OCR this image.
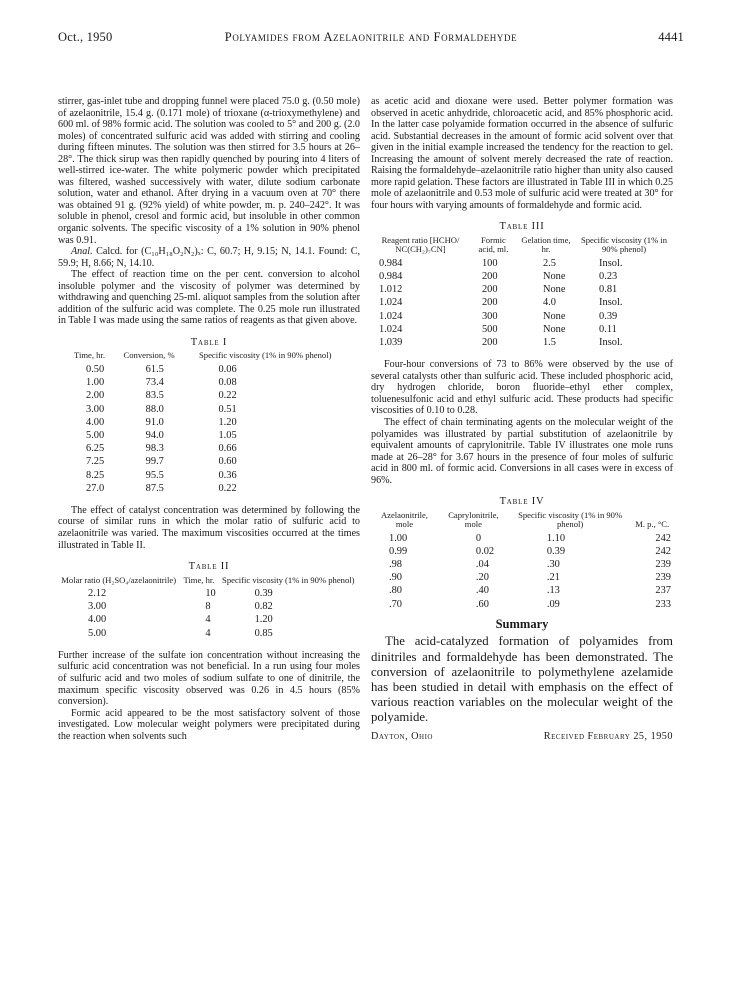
Oct., 1950	Polyamides from Azelaonitrile and Formaldehyde	4441

stirrer, gas-inlet tube and dropping funnel were placed 75.0 g. (0.50 mole) of azelaonitrile, 15.4 g. (0.171 mole) of trioxane (α-trioxymethylene) and 600 ml. of 98% formic acid. The solution was cooled to 5° and 200 g. (2.0 moles) of concentrated sulfuric acid was added with stirring and cooling during fifteen minutes. The solution was then stirred for 3.5 hours at 26–28°. The thick sirup was then rapidly quenched by pouring into 4 liters of well-stirred ice-water. The white polymeric powder which precipitated was filtered, washed successively with water, dilute sodium carbonate solution, water and ethanol. After drying in a vacuum oven at 70° there was obtained 91 g. (92% yield) of white powder, m. p. 240–242°. It was soluble in phenol, cresol and formic acid, but insoluble in other common organic solvents. The specific viscosity of a 1% solution in 90% phenol was 0.91.

Anal. Calcd. for (C₁₀H₁₈O₂N₂)ₓ: C, 60.7; H, 9.15; N, 14.1. Found: C, 59.9; H, 8.66; N, 14.10.

The effect of reaction time on the per cent. conversion to alcohol insoluble polymer and the viscosity of polymer was determined by withdrawing and quenching 25-ml. aliquot samples from the solution after addition of the sulfuric acid was complete. The 0.25 mole run illustrated in Table I was made using the same ratios of reagents as that given above.

Table I
Time, hr.	Conversion, %	Specific viscosity (1% in 90% phenol)
0.50	61.5	0.06
1.00	73.4	0.08
2.00	83.5	0.22
3.00	88.0	0.51
4.00	91.0	1.20
5.00	94.0	1.05
6.25	98.3	0.66
7.25	99.7	0.60
8.25	95.5	0.36
27.0	87.5	0.22

The effect of catalyst concentration was determined by following the course of similar runs in which the molar ratio of sulfuric acid to azelaonitrile was varied. The maximum viscosities occurred at the times illustrated in Table II.

Table II
Molar ratio (H₂SO₄/azelaonitrile)	Time, hr.	Specific viscosity (1% in 90% phenol)
2.12	10	0.39
3.00	8	0.82
4.00	4	1.20
5.00	4	0.85

Further increase of the sulfate ion concentration without increasing the sulfuric acid concentration was not beneficial. In a run using four moles of sulfuric acid and two moles of sodium sulfate to one of dinitrile, the maximum specific viscosity observed was 0.26 in 4.5 hours (85% conversion).

Formic acid appeared to be the most satisfactory solvent of those investigated. Low molecular weight polymers were precipitated during the reaction when solvents such

as acetic acid and dioxane were used. Better polymer formation was observed in acetic anhydride, chloroacetic acid, and 85% phosphoric acid. In the latter case polyamide formation occurred in the absence of sulfuric acid. Substantial decreases in the amount of formic acid solvent over that given in the initial example increased the tendency for the reaction to gel. Increasing the amount of solvent merely decreased the rate of reaction. Raising the formaldehyde–azelaonitrile ratio higher than unity also caused more rapid gelation. These factors are illustrated in Table III in which 0.25 mole of azelaonitrile and 0.53 mole of sulfuric acid were treated at 30° for four hours with varying amounts of formaldehyde and formic acid.

Table III
Reagent ratio [HCHO/ NC(CH₂)₇CN]	Formic acid, ml.	Gelation time, hr.	Specific viscosity (1% in 90% phenol)
0.984	100	2.5	Insol.
0.984	200	None	0.23
1.012	200	None	0.81
1.024	200	4.0	Insol.
1.024	300	None	0.39
1.024	500	None	0.11
1.039	200	1.5	Insol.

Four-hour conversions of 73 to 86% were observed by the use of several catalysts other than sulfuric acid. These included phosphoric acid, dry hydrogen chloride, boron fluoride–ethyl ether complex, toluenesulfonic acid and ethyl sulfuric acid. These products had specific viscosities of 0.10 to 0.28.

The effect of chain terminating agents on the molecular weight of the polyamides was illustrated by partial substitution of azelaonitrile by equivalent amounts of caprylonitrile. Table IV illustrates one mole runs made at 26–28° for 3.67 hours in the presence of four moles of sulfuric acid in 800 ml. of formic acid. Conversions in all cases were in excess of 96%.

Table IV
Azelaonitrile, mole	Caprylonitrile, mole	Specific viscosity (1% in 90% phenol)	M. p., °C.
1.00	0	1.10	242
0.99	0.02	0.39	242
.98	.04	.30	239
.90	.20	.21	239
.80	.40	.13	237
.70	.60	.09	233
Summary

The acid-catalyzed formation of polyamides from dinitriles and formaldehyde has been demonstrated. The conversion of azelaonitrile to polymethylene azelamide has been studied in detail with emphasis on the effect of various reaction variables on the molecular weight of the polyamide.

Dayton, Ohio	Received February 25, 1950
